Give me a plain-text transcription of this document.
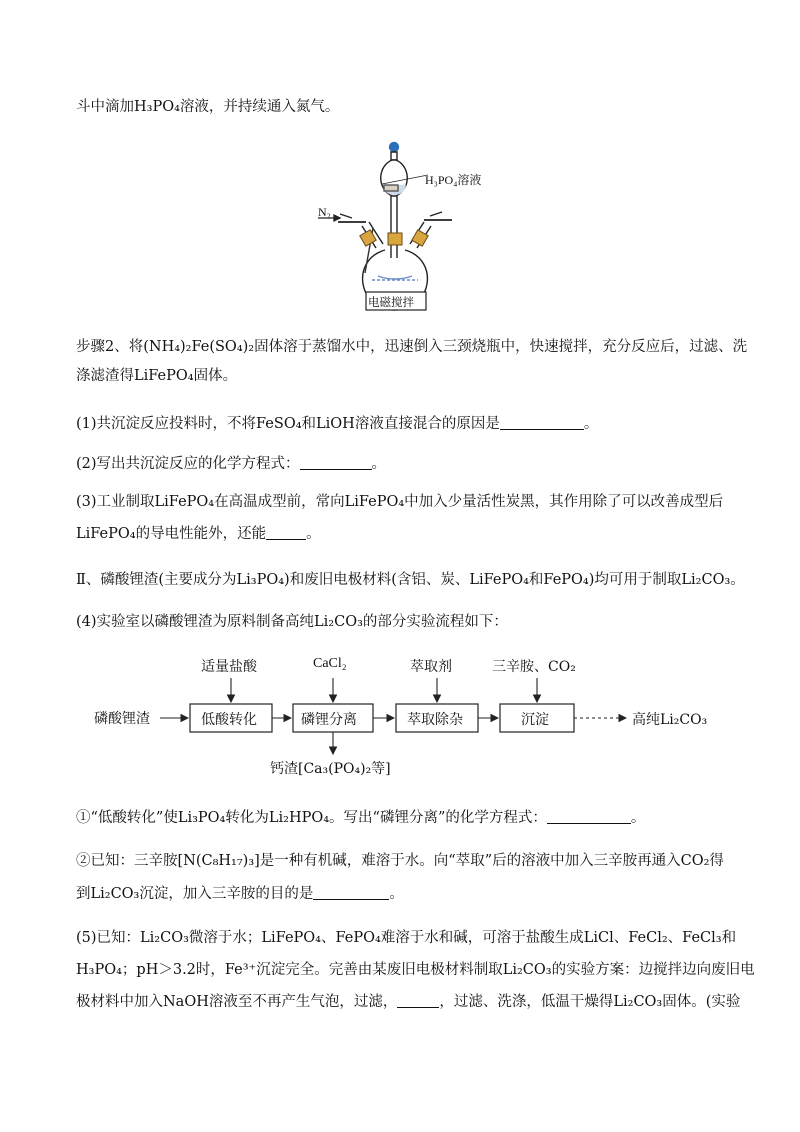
斗中滴加H₃PO₄溶液，并持续通入氮气。
H₃PO₄溶液
N₂
电磁搅拌
步骤2、将(NH₄)₂Fe(SO₄)₂固体溶于蒸馏水中，迅速倒入三颈烧瓶中，快速搅拌，充分反应后，过滤、洗
涤滤渣得LiFePO₄固体。
(1)共沉淀反应投料时，不将FeSO₄和LiOH溶液直接混合的原因是	。
(2)写出共沉淀反应的化学方程式：	。
(3)工业制取LiFePO₄在高温成型前，常向LiFePO₄中加入少量活性炭黑，其作用除了可以改善成型后
LiFePO₄的导电性能外，还能	。
Ⅱ、磷酸锂渣(主要成分为Li₃PO₄)和废旧电极材料(含铝、炭、LiFePO₄和FePO₄)均可用于制取Li₂CO₃。
(4)实验室以磷酸锂渣为原料制备高纯Li₂CO₃的部分实验流程如下：
磷酸锂渣	低酸转化	磷锂分离	萃取除杂	沉淀
适量盐酸	CaCl₂	萃取剂	三辛胺、CO₂
高纯Li₂CO₃
钙渣[Ca₃(PO₄)₂等]
①“低酸转化”使Li₃PO₄转化为Li₂HPO₄。写出“磷锂分离”的化学方程式：	。
②已知：三辛胺[N(C₈H₁₇)₃]是一种有机碱，难溶于水。向“萃取”后的溶液中加入三辛胺再通入CO₂得
到Li₂CO₃沉淀，加入三辛胺的目的是	。
(5)已知：Li₂CO₃微溶于水；LiFePO₄、FePO₄难溶于水和碱，可溶于盐酸生成LiCl、FeCl₂、FeCl₃和
H₃PO₄；pH＞3.2时，Fe³⁺沉淀完全。完善由某废旧电极材料制取Li₂CO₃的实验方案：边搅拌边向废旧电
极材料中加入NaOH溶液至不再产生气泡，过滤，	，过滤、洗涤，低温干燥得Li₂CO₃固体。(实验
